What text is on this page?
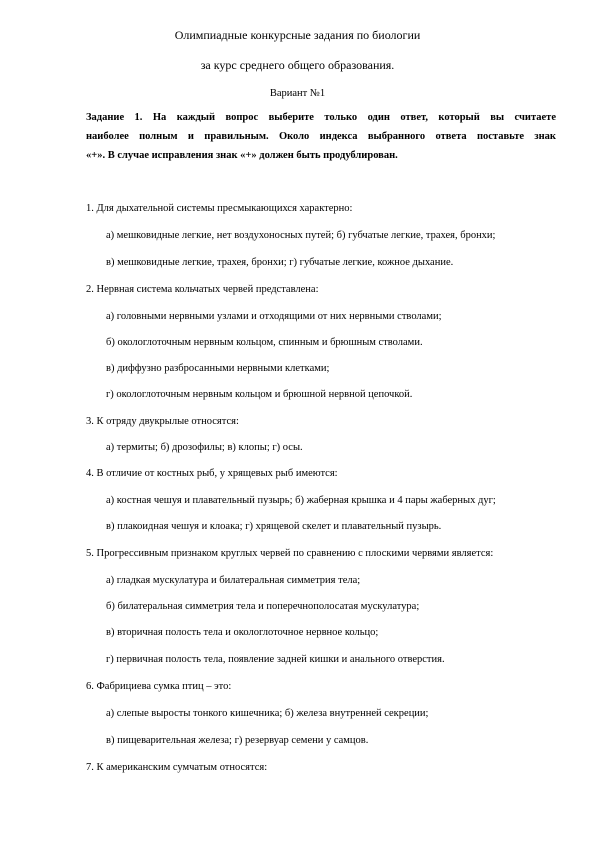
Олимпиадные конкурсные задания по биологии
за курс среднего общего образования.
Вариант №1
Задание 1. На каждый вопрос выберите только один ответ, который вы считаете
наиболее полным и правильным. Около индекса выбранного ответа поставьте знак
«+». В случае исправления знак «+» должен быть продублирован.
1. Для дыхательной системы пресмыкающихся характерно:
а) мешковидные легкие, нет воздухоносных путей; б) губчатые легкие, трахея, бронхи;
в) мешковидные легкие, трахея, бронхи; г) губчатые легкие, кожное дыхание.
2. Нервная система кольчатых червей представлена:
а) головными нервными узлами и отходящими от них нервными стволами;
б) окологлоточным нервным кольцом, спинным и брюшным стволами.
в) диффузно разбросанными нервными клетками;
г) окологлоточным нервным кольцом и брюшной нервной цепочкой.
3. К отряду двукрылые относятся:
а) термиты; б) дрозофилы; в) клопы; г) осы.
4. В отличие от костных рыб, у хрящевых рыб имеются:
а) костная чешуя и плавательный пузырь; б) жаберная крышка и 4 пары жаберных дуг;
в) плакоидная чешуя и клоака; г) хрящевой скелет и плавательный пузырь.
5. Прогрессивным признаком круглых червей по сравнению с плоскими червями является:
а) гладкая мускулатура и билатеральная симметрия тела;
б) билатеральная симметрия тела и поперечнополосатая мускулатура;
в) вторичная полость тела и окологлоточное нервное кольцо;
г) первичная полость тела, появление задней кишки и анального отверстия.
6. Фабрициева сумка птиц – это:
а) слепые выросты тонкого кишечника; б) железа внутренней секреции;
в) пищеварительная железа; г) резервуар семени у самцов.
7. К американским сумчатым относятся:
